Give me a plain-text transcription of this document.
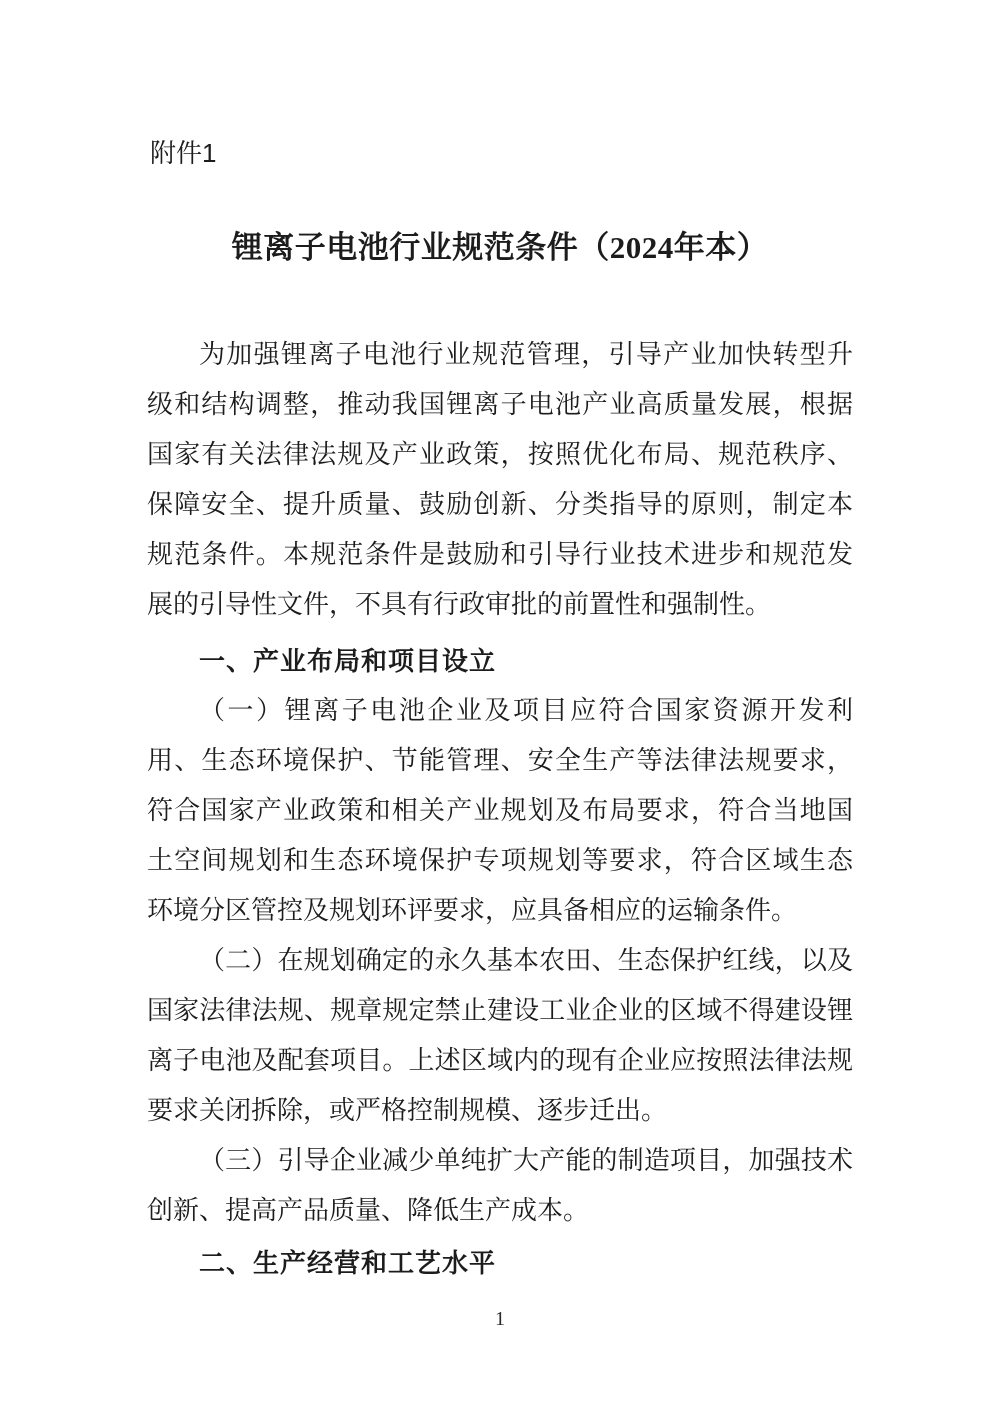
附件1
锂离子电池行业规范条件（2024年本）
为加强锂离子电池行业规范管理，引导产业加快转型升
级和结构调整，推动我国锂离子电池产业高质量发展，根据
国家有关法律法规及产业政策，按照优化布局、规范秩序、
保障安全、提升质量、鼓励创新、分类指导的原则，制定本
规范条件。本规范条件是鼓励和引导行业技术进步和规范发
展的引导性文件，不具有行政审批的前置性和强制性。
一、产业布局和项目设立
（一）锂离子电池企业及项目应符合国家资源开发利
用、生态环境保护、节能管理、安全生产等法律法规要求，
符合国家产业政策和相关产业规划及布局要求，符合当地国
土空间规划和生态环境保护专项规划等要求，符合区域生态
环境分区管控及规划环评要求，应具备相应的运输条件。
（二）在规划确定的永久基本农田、生态保护红线，以及
国家法律法规、规章规定禁止建设工业企业的区域不得建设锂
离子电池及配套项目。上述区域内的现有企业应按照法律法规
要求关闭拆除，或严格控制规模、逐步迁出。
（三）引导企业减少单纯扩大产能的制造项目，加强技术
创新、提高产品质量、降低生产成本。
二、生产经营和工艺水平
1
